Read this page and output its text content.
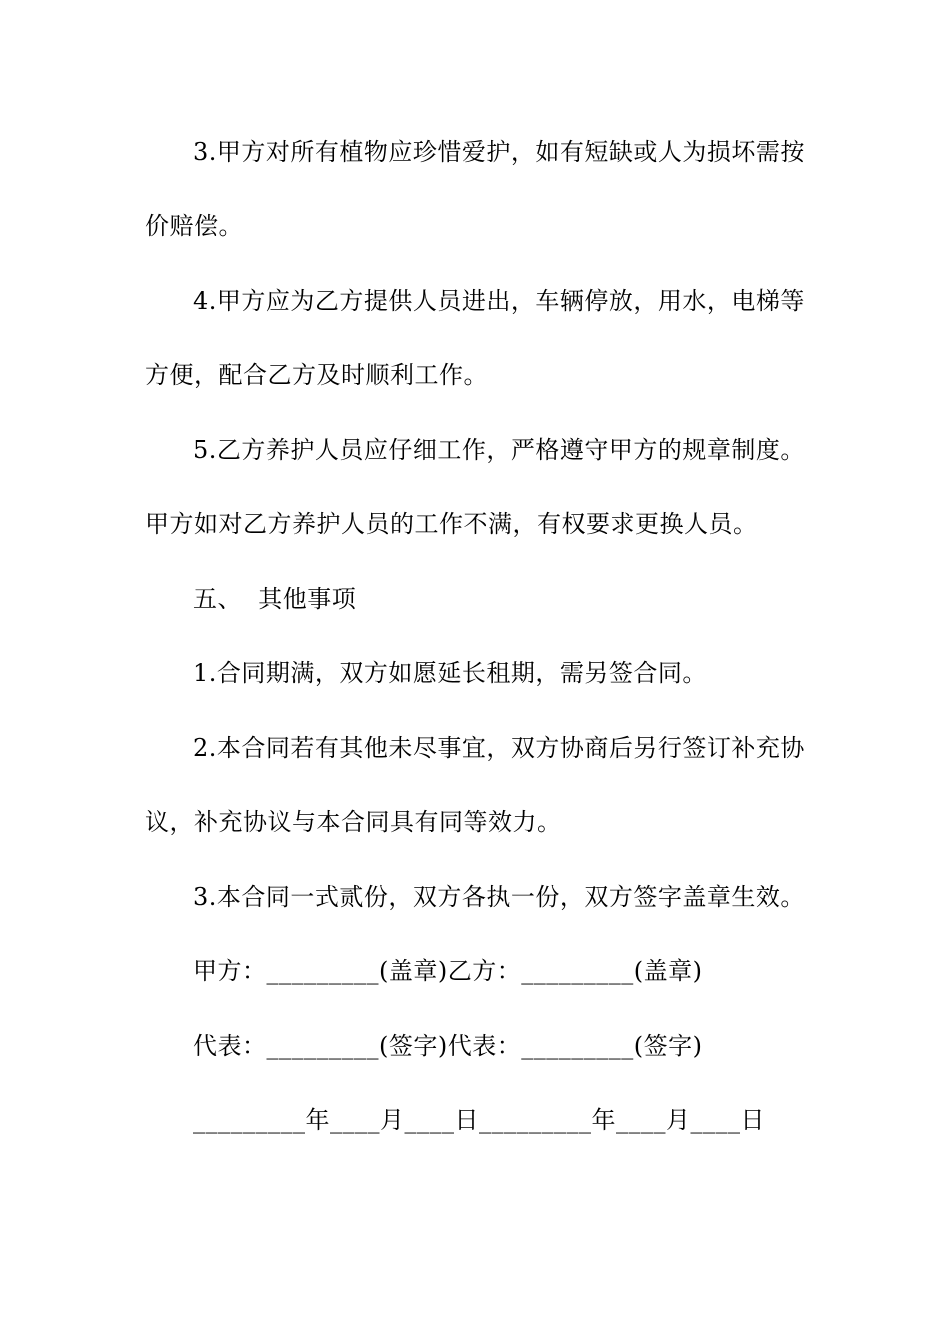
3.甲方对所有植物应珍惜爱护，如有短缺或人为损坏需按
价赔偿。
4.甲方应为乙方提供人员进出，车辆停放，用水，电梯等
方便，配合乙方及时顺利工作。
5.乙方养护人员应仔细工作，严格遵守甲方的规章制度。
甲方如对乙方养护人员的工作不满，有权要求更换人员。
五、  其他事项
1.合同期满，双方如愿延长租期，需另签合同。
2.本合同若有其他未尽事宜，双方协商后另行签订补充协
议，补充协议与本合同具有同等效力。
3.本合同一式贰份，双方各执一份，双方签字盖章生效。
甲方：_________(盖章)乙方：_________(盖章)
代表：_________(签字)代表：_________(签字)
_________年____月____日_________年____月____日
